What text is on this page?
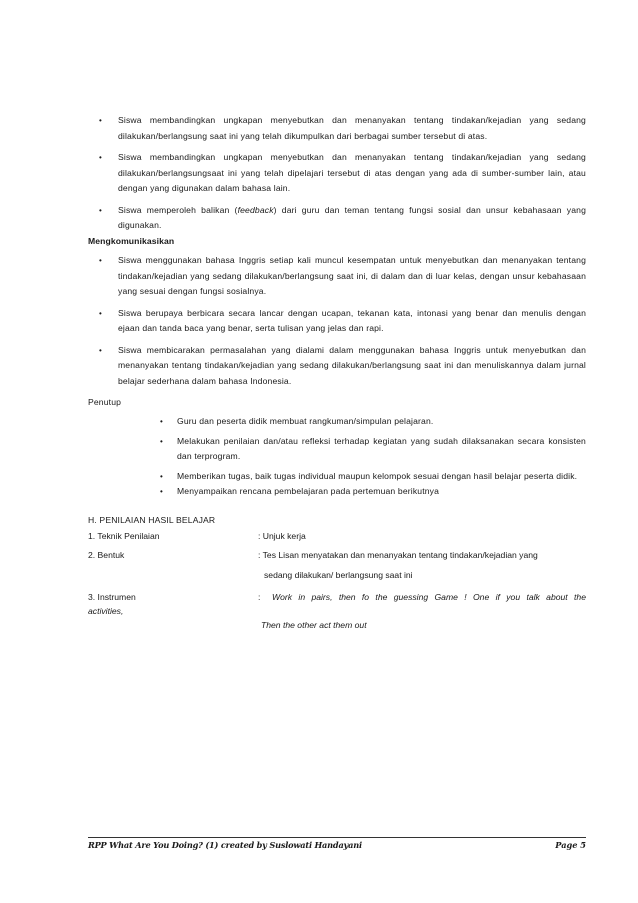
• Siswa membandingkan ungkapan menyebutkan dan menanyakan tentang tindakan/kejadian yang sedang dilakukan/berlangsung saat ini yang telah dikumpulkan dari berbagai sumber tersebut di atas.
• Siswa membandingkan ungkapan menyebutkan dan menanyakan tentang tindakan/kejadian yang sedang dilakukan/berlangsungsaat ini yang telah dipelajari tersebut di atas dengan yang ada di sumber-sumber lain, atau dengan yang digunakan dalam bahasa lain.
• Siswa memperoleh balikan (feedback) dari guru dan teman tentang fungsi sosial dan unsur kebahasaan yang digunakan.
Mengkomunikasikan
• Siswa menggunakan bahasa Inggris setiap kali muncul kesempatan untuk menyebutkan dan menanyakan tentang tindakan/kejadian yang sedang dilakukan/berlangsung saat ini, di dalam dan di luar kelas, dengan unsur kebahasaan yang sesuai dengan fungsi sosialnya.
• Siswa berupaya berbicara secara lancar dengan ucapan, tekanan kata, intonasi yang benar dan menulis dengan ejaan dan tanda baca yang benar, serta tulisan yang jelas dan rapi.
• Siswa membicarakan permasalahan yang dialami dalam menggunakan bahasa Inggris untuk menyebutkan dan menanyakan tentang tindakan/kejadian yang sedang dilakukan/berlangsung saat ini dan menuliskannya dalam jurnal belajar sederhana dalam bahasa Indonesia.
Penutup
• Guru dan peserta didik membuat rangkuman/simpulan pelajaran.
• Melakukan penilaian dan/atau refleksi terhadap kegiatan yang sudah dilaksanakan secara konsisten dan terprogram.
• Memberikan tugas, baik tugas individual maupun kelompok sesuai dengan hasil belajar peserta didik.
• Menyampaikan rencana pembelajaran pada pertemuan berikutnya
H. PENILAIAN HASIL BELAJAR
1. Teknik Penilaian	: Unjuk kerja
2. Bentuk	: Tes Lisan menyatakan dan menanyakan tentang tindakan/kejadian yang
sedang dilakukan/ berlangsung saat ini
3. Instrumen	:	Work in pairs, then fo the guessing Game ! One if you talk about the
activities,
Then the other act them out
RPP What Are You Doing? (1) created by Suslowati Handayani	Page 5
